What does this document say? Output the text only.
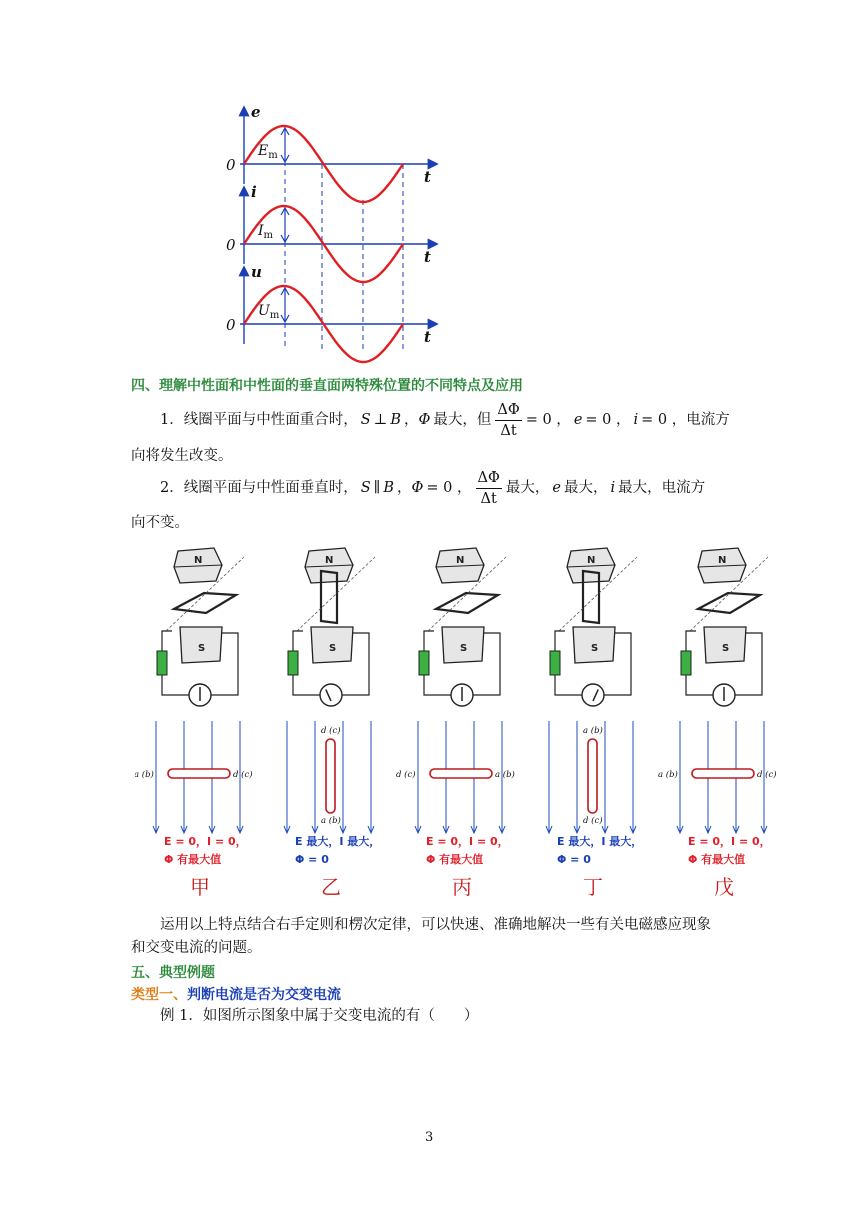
e
0
t
$E_m$
i
0
t
$I_m$
u
0
t
$U_m$
四、理解中性面和中性面的垂直面两特殊位置的不同特点及应用
1．线圈平面与中性面重合时， S ⊥ B ， Φ 最大，但 $\frac{\Delta\Phi}{\Delta t} = 0$ ， e = 0 ， i = 0 ，电流方
向将发生改变。
2．线圈平面与中性面垂直时， S ∥ B ， Φ = 0 ， $\frac{\Delta\Phi}{\Delta t}$ 最大， e 最大， i 最大，电流方
向不变。
N
S
a (b)	d (c)
E = 0，I = 0，
Φ 有最大值
甲
N
S
d (c)
a (b)
E 最大，I 最大，
Φ = 0
乙
N
S
d (c)	a (b)
E = 0，I = 0，
Φ 有最大值
丙
N
S
a (b)
d (c)
E 最大，I 最大，
Φ = 0
丁
N
S
a (b)	d (c)
E = 0，I = 0，
Φ 有最大值
戊
运用以上特点结合右手定则和楞次定律，可以快速、准确地解决一些有关电磁感应现象
和交变电流的问题。
五、典型例题
类型一、判断电流是否为交变电流
例 1．如图所示图象中属于交变电流的有（　　）
3
